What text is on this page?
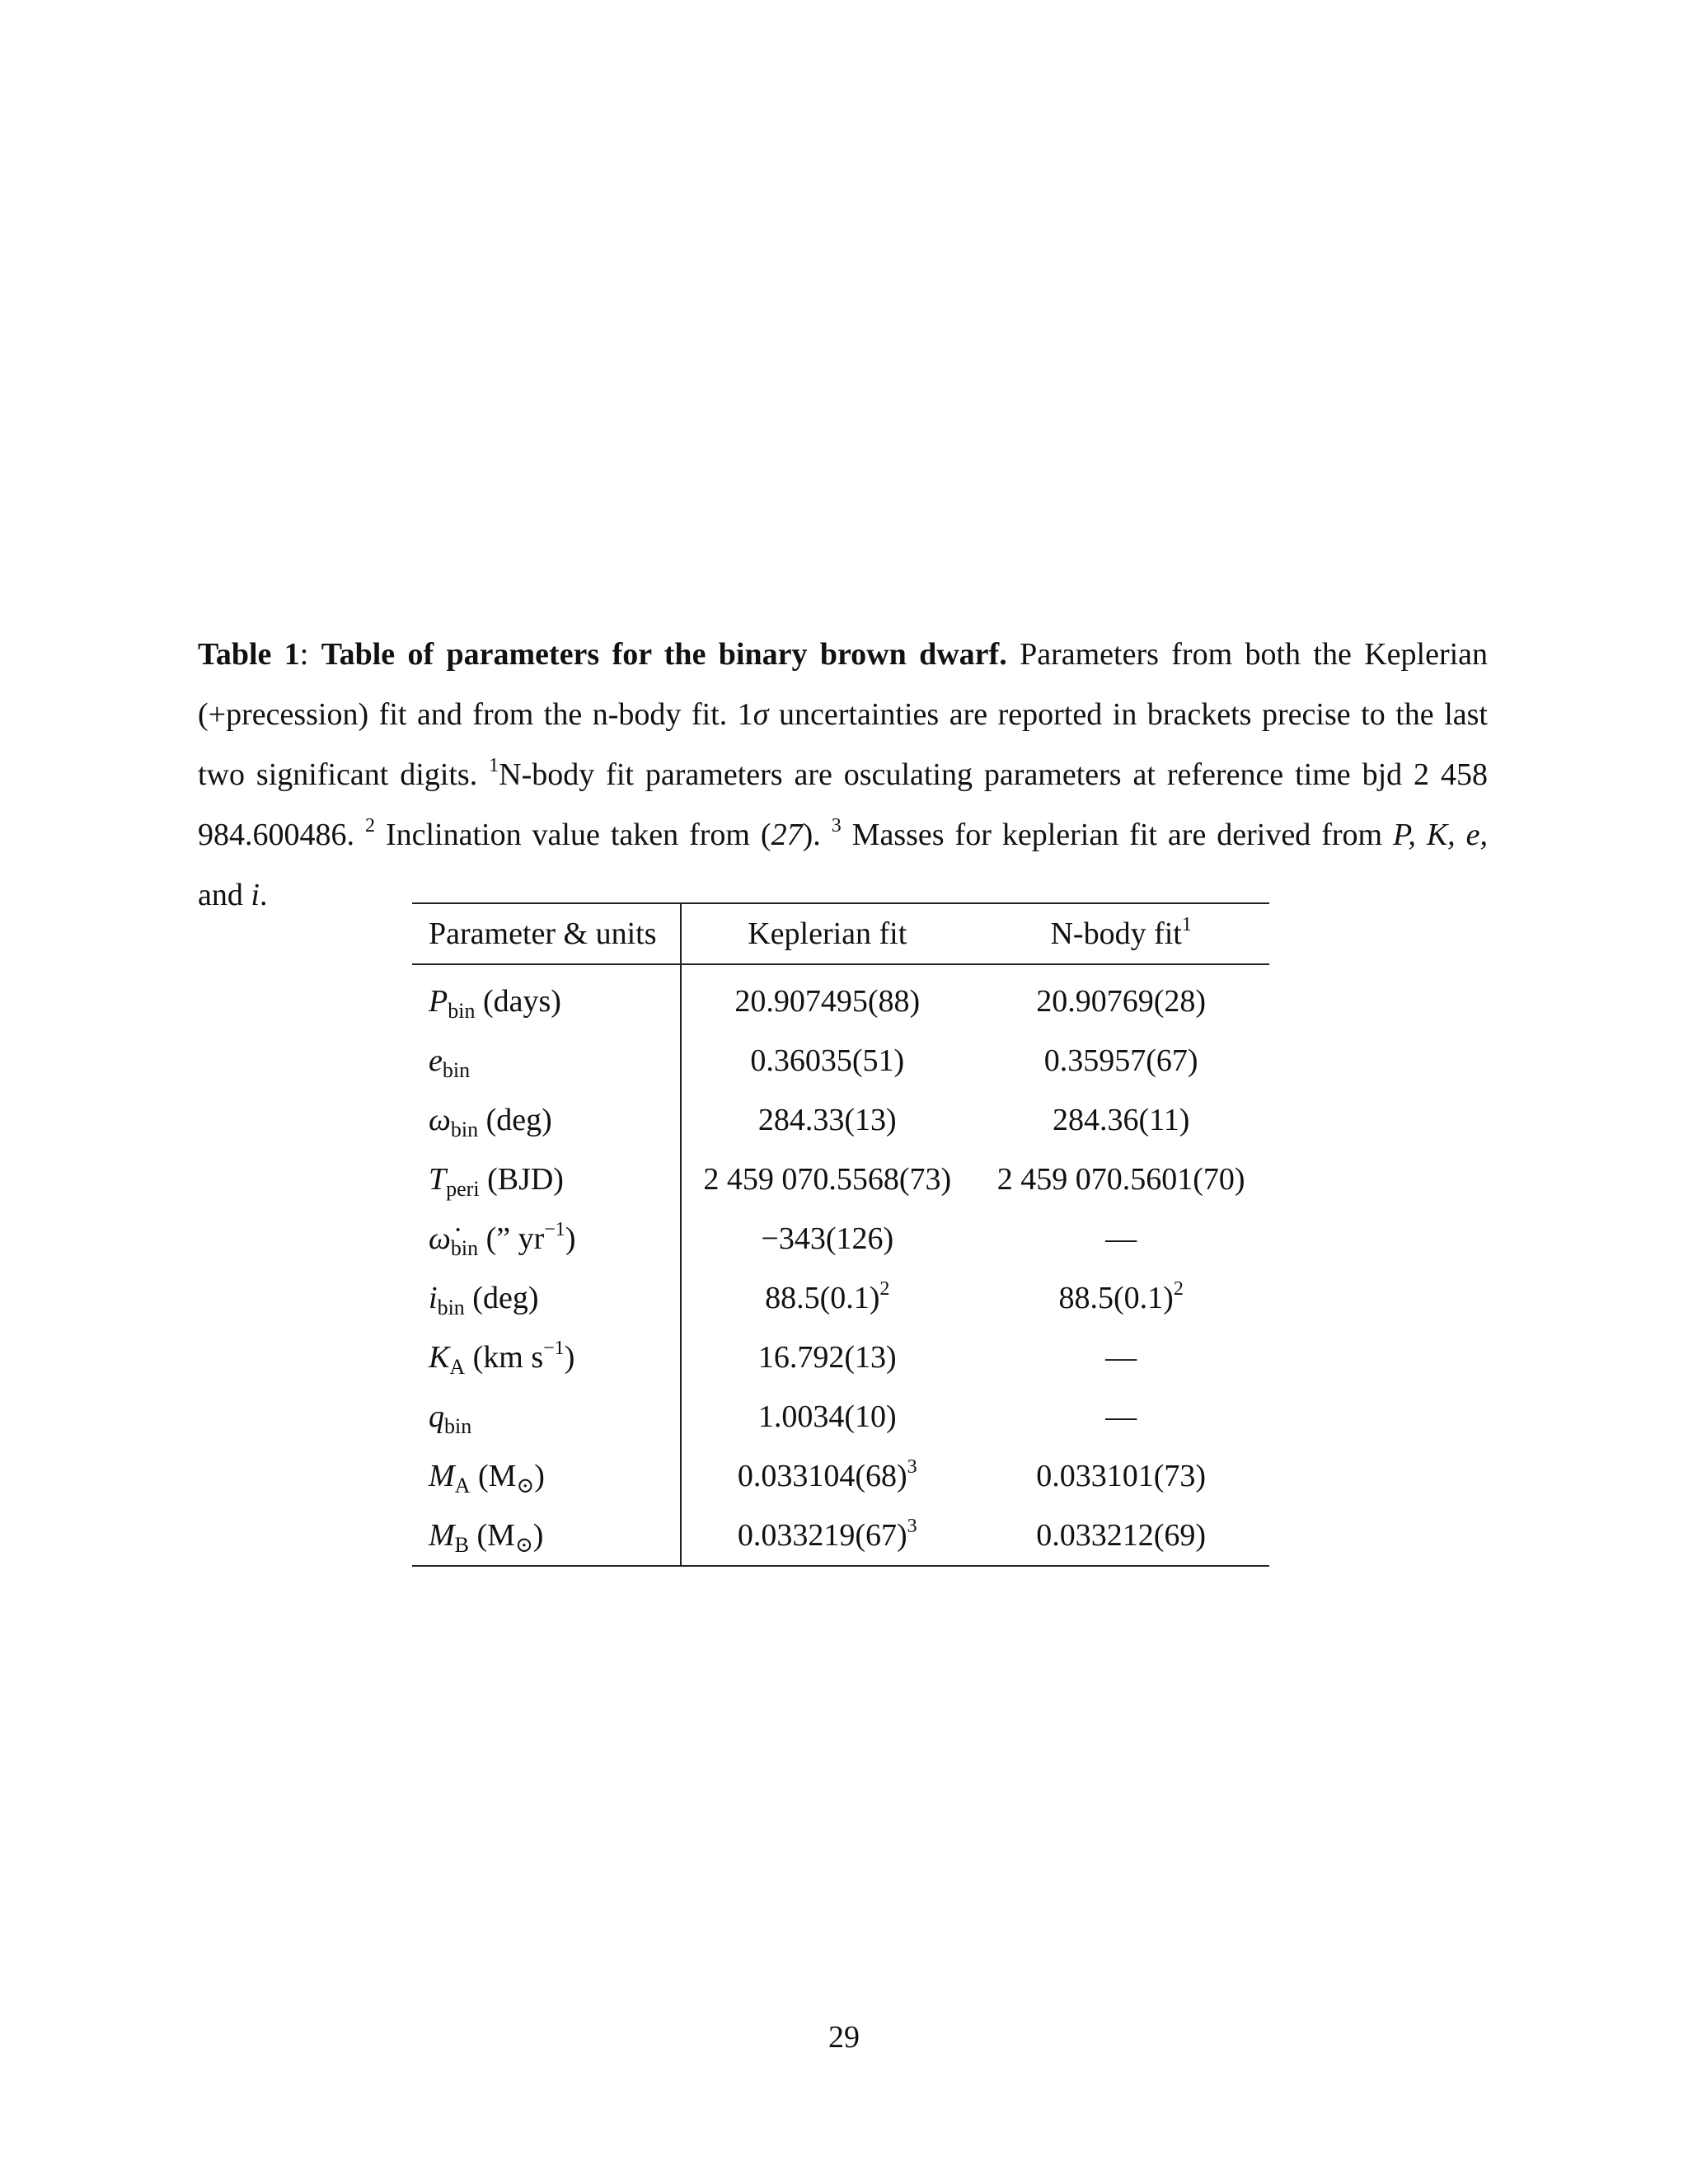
Table 1: Table of parameters for the binary brown dwarf. Parameters from both the Keplerian (+precession) fit and from the n-body fit. 1σ uncertainties are reported in brackets precise to the last two significant digits. $^1$N-body fit parameters are osculating parameters at reference time bjd 2 458 984.600486. $^2$ Inclination value taken from (27). $^3$ Masses for keplerian fit are derived from P, K, e, and i.
Parameter & units	Keplerian fit	N-body fit$^1$
$P_{bin}$ (days)	20.907495(88)	20.90769(28)
$e_{bin}$	0.36035(51)	0.35957(67)
$\omega_{bin}$ (deg)	284.33(13)	284.36(11)
$T_{peri}$ (BJD)	2 459 070.5568(73)	2 459 070.5601(70)
$\omegȧ_{bin}$ (” $yr^{-1}$)	−343(126)	—
$i_{bin}$ (deg)	$88.5(0.1)^2$	$88.5(0.1)^2$
$K_A$ (km $s^{-1}$)	16.792(13)	—
$q_{bin}$	1.0034(10)	—
$M_A$ $(M_⊙)$	$0.033104(68)^3$	0.033101(73)
$M_B$ $(M_⊙)$	$0.033219(67)^3$	0.033212(69)
29
